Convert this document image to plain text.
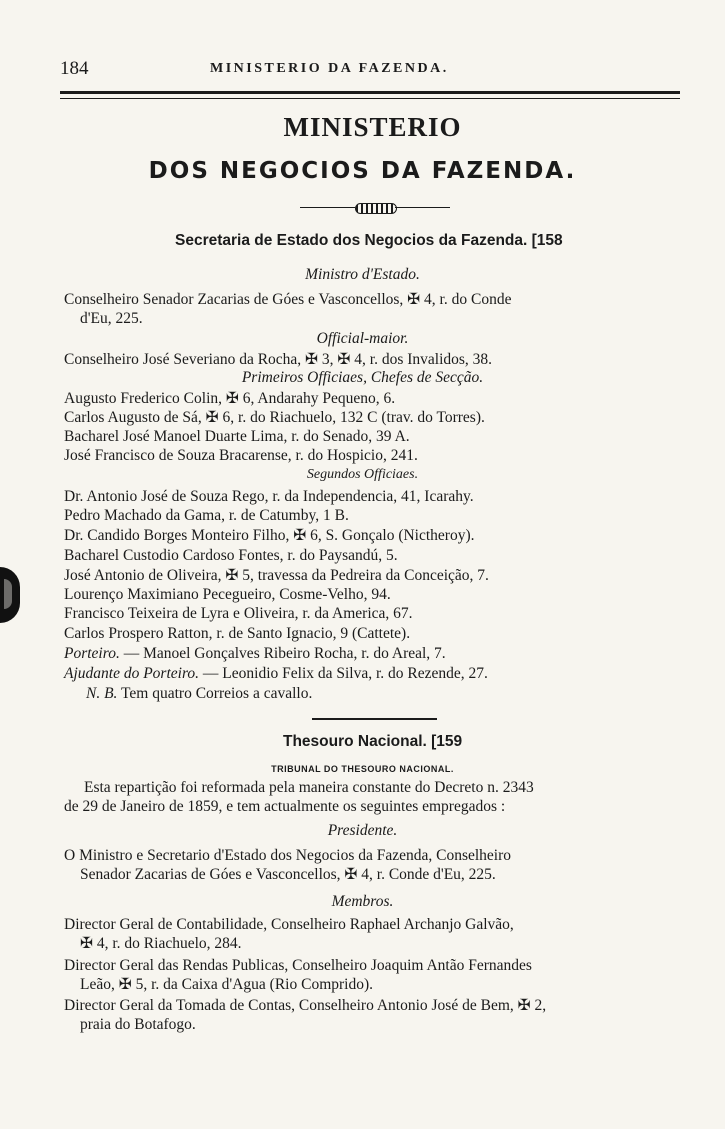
184	MINISTERIO DA FAZENDA.
MINISTERIO
DOS NEGOCIOS DA FAZENDA.
Secretaria de Estado dos Negocios da Fazenda. [158
Ministro d'Estado.
Conselheiro Senador Zacarias de Góes e Vasconcellos, ✠ 4, r. do Conde
d'Eu, 225.
Official-maior.
Conselheiro José Severiano da Rocha, ✠ 3, ✠ 4, r. dos Invalidos, 38.
Primeiros Officiaes, Chefes de Secção.
Augusto Frederico Colin, ✠ 6, Andarahy Pequeno, 6.
Carlos Augusto de Sá, ✠ 6, r. do Riachuelo, 132 C (trav. do Torres).
Bacharel José Manoel Duarte Lima, r. do Senado, 39 A.
José Francisco de Souza Bracarense, r. do Hospicio, 241.
Segundos Officiaes.
Dr. Antonio José de Souza Rego, r. da Independencia, 41, Icarahy.
Pedro Machado da Gama, r. de Catumby, 1 B.
Dr. Candido Borges Monteiro Filho, ✠ 6, S. Gonçalo (Nictheroy).
Bacharel Custodio Cardoso Fontes, r. do Paysandú, 5.
José Antonio de Oliveira, ✠ 5, travessa da Pedreira da Conceição, 7.
Lourenço Maximiano Pecegueiro, Cosme-Velho, 94.
Francisco Teixeira de Lyra e Oliveira, r. da America, 67.
Carlos Prospero Ratton, r. de Santo Ignacio, 9 (Cattete).
Porteiro. — Manoel Gonçalves Ribeiro Rocha, r. do Areal, 7.
Ajudante do Porteiro. — Leonidio Felix da Silva, r. do Rezende, 27.
N. B. Tem quatro Correios a cavallo.
Thesouro Nacional. [159
TRIBUNAL DO THESOURO NACIONAL.
Esta repartição foi reformada pela maneira constante do Decreto n. 2343
de 29 de Janeiro de 1859, e tem actualmente os seguintes empregados :
Presidente.
O Ministro e Secretario d'Estado dos Negocios da Fazenda, Conselheiro
Senador Zacarias de Góes e Vasconcellos, ✠ 4, r. Conde d'Eu, 225.
Membros.
Director Geral de Contabilidade, Conselheiro Raphael Archanjo Galvão,
✠ 4, r. do Riachuelo, 284.
Director Geral das Rendas Publicas, Conselheiro Joaquim Antão Fernandes
Leão, ✠ 5, r. da Caixa d'Agua (Rio Comprido).
Director Geral da Tomada de Contas, Conselheiro Antonio José de Bem, ✠ 2,
praia do Botafogo.
